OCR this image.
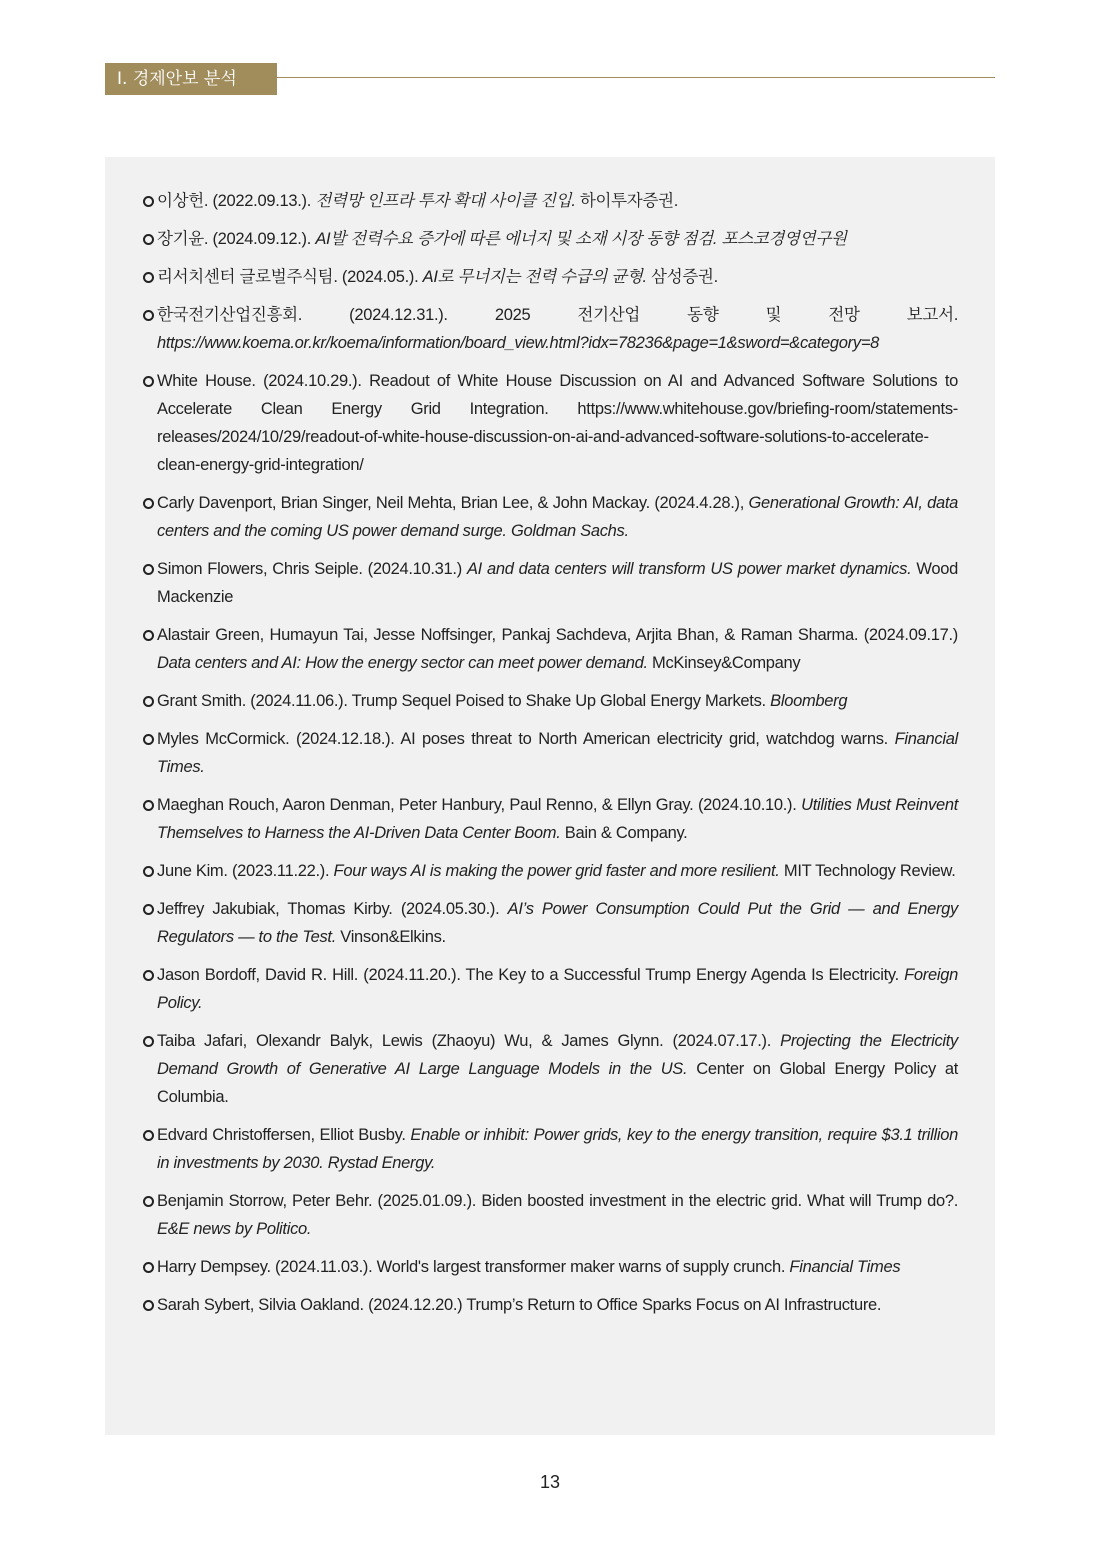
Ⅰ. 경제안보 분석
이상헌. (2022.09.13.). 전력망 인프라 투자 확대 사이클 진입. 하이투자증권.
장기윤. (2024.09.12.). AI발 전력수요 증가에 따른 에너지 및 소재 시장 동향 점검. 포스코경영연구원
리서치센터 글로벌주식팀. (2024.05.). AI로 무너지는 전력 수급의 균형. 삼성증권.
한국전기산업진흥회. (2024.12.31.). 2025 전기산업 동향 및 전망 보고서. https://www.koema.or.kr/koema/information/board_view.html?idx=78236&page=1&sword=&category=8
White House. (2024.10.29.). Readout of White House Discussion on AI and Advanced Software Solutions to Accelerate Clean Energy Grid Integration. https://www.whitehouse.gov/briefing-room/statements-releases/2024/10/29/readout-of-white-house-discussion-on-ai-and-advanced-software-solutions-to-accelerate-clean-energy-grid-integration/
Carly Davenport, Brian Singer, Neil Mehta, Brian Lee, & John Mackay. (2024.4.28.), Generational Growth: AI, data centers and the coming US power demand surge. Goldman Sachs.
Simon Flowers, Chris Seiple. (2024.10.31.) AI and data centers will transform US power market dynamics. Wood Mackenzie
Alastair Green, Humayun Tai, Jesse Noffsinger, Pankaj Sachdeva, Arjita Bhan, & Raman Sharma. (2024.09.17.) Data centers and AI: How the energy sector can meet power demand. McKinsey&Company
Grant Smith. (2024.11.06.). Trump Sequel Poised to Shake Up Global Energy Markets. Bloomberg
Myles McCormick. (2024.12.18.). AI poses threat to North American electricity grid, watchdog warns. Financial Times.
Maeghan Rouch, Aaron Denman, Peter Hanbury, Paul Renno, & Ellyn Gray. (2024.10.10.). Utilities Must Reinvent Themselves to Harness the AI-Driven Data Center Boom. Bain & Company.
June Kim. (2023.11.22.). Four ways AI is making the power grid faster and more resilient. MIT Technology Review.
Jeffrey Jakubiak, Thomas Kirby. (2024.05.30.). AI’s Power Consumption Could Put the Grid — and Energy Regulators — to the Test. Vinson&Elkins.
Jason Bordoff, David R. Hill. (2024.11.20.). The Key to a Successful Trump Energy Agenda Is Electricity. Foreign Policy.
Taiba Jafari, Olexandr Balyk, Lewis (Zhaoyu) Wu, & James Glynn. (2024.07.17.). Projecting the Electricity Demand Growth of Generative AI Large Language Models in the US. Center on Global Energy Policy at Columbia.
Edvard Christoffersen, Elliot Busby. Enable or inhibit: Power grids, key to the energy transition, require $3.1 trillion in investments by 2030. Rystad Energy.
Benjamin Storrow, Peter Behr. (2025.01.09.). Biden boosted investment in the electric grid. What will Trump do?. E&E news by Politico.
Harry Dempsey. (2024.11.03.). World's largest transformer maker warns of supply crunch. Financial Times
Sarah Sybert, Silvia Oakland. (2024.12.20.) Trump’s Return to Office Sparks Focus on AI Infrastructure.
13
